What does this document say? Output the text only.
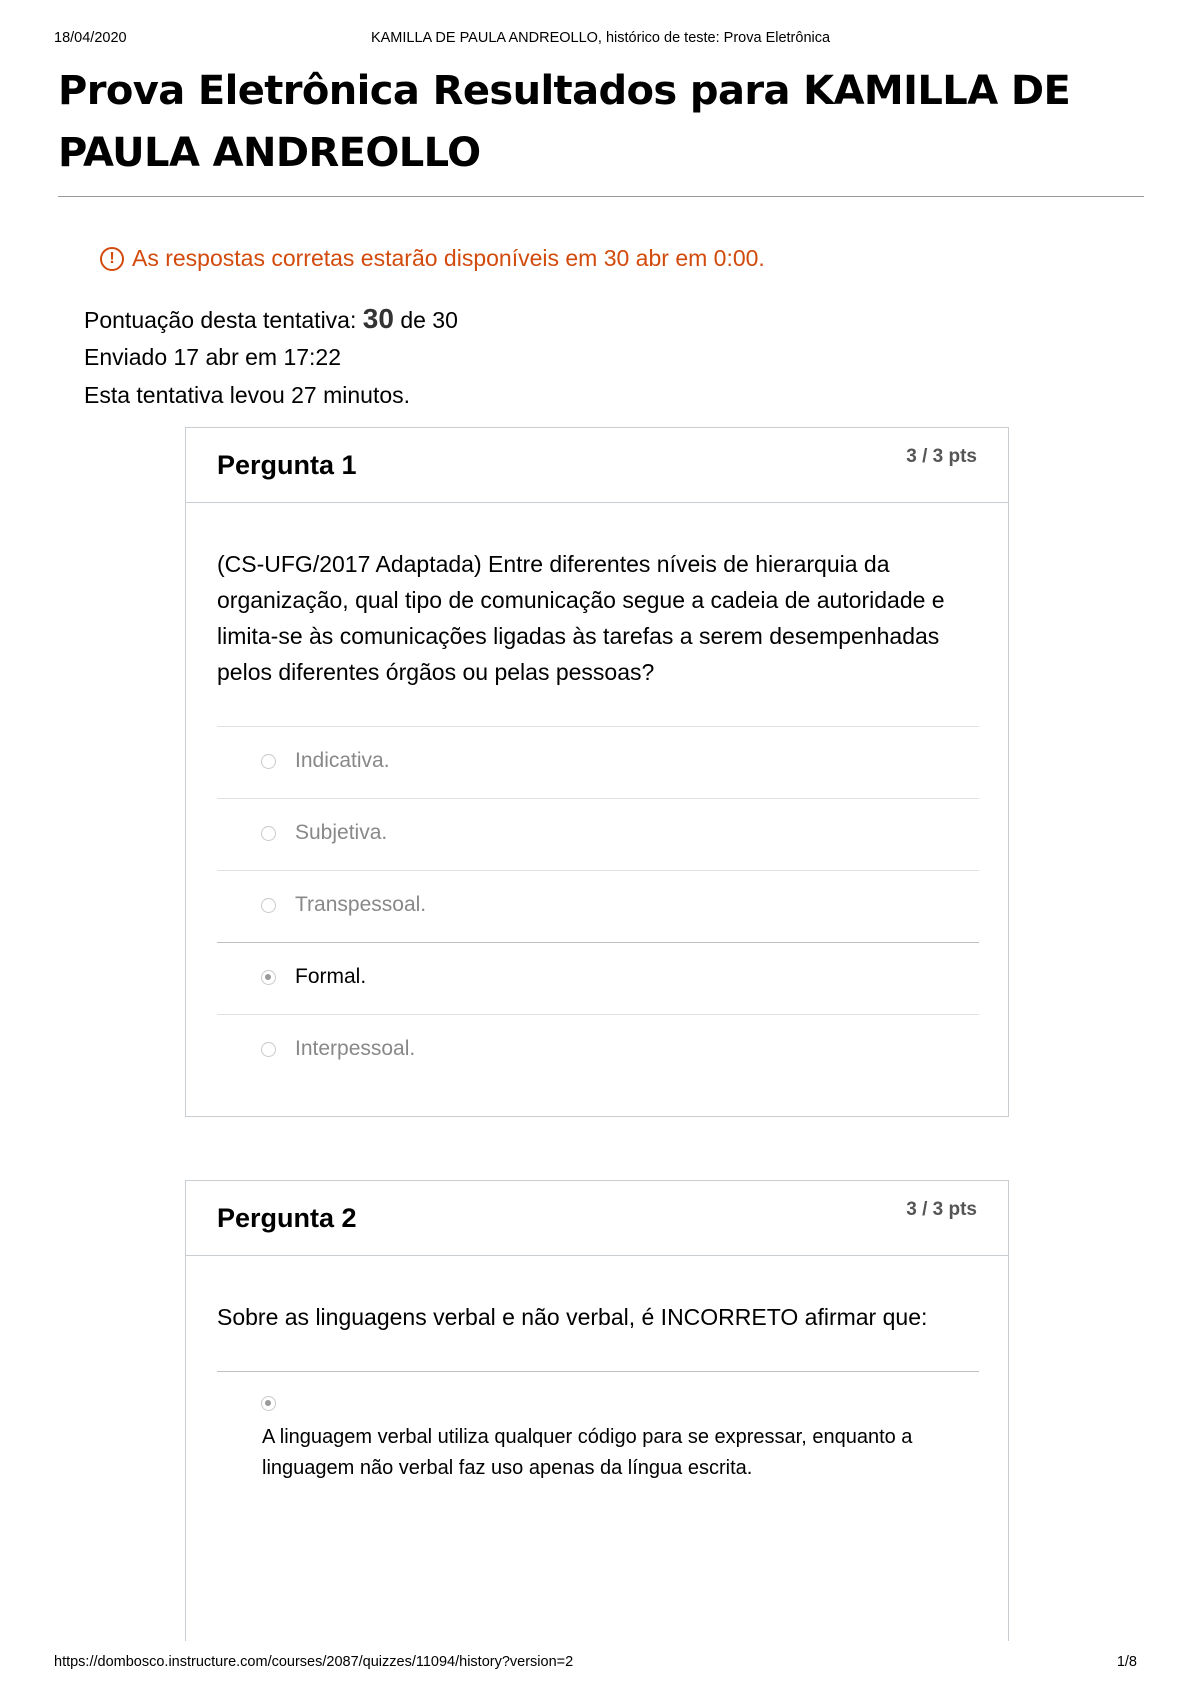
18/04/2020	KAMILLA DE PAULA ANDREOLLO, histórico de teste: Prova Eletrônica
Prova Eletrônica Resultados para KAMILLA DE PAULA ANDREOLLO
! As respostas corretas estarão disponíveis em 30 abr em 0:00.
Pontuação desta tentativa: 30 de 30
Enviado 17 abr em 17:22
Esta tentativa levou 27 minutos.
Pergunta 1	3 / 3 pts
(CS-UFG/2017 Adaptada) Entre diferentes níveis de hierarquia da organização, qual tipo de comunicação segue a cadeia de autoridade e limita-se às comunicações ligadas às tarefas a serem desempenhadas pelos diferentes órgãos ou pelas pessoas?
Indicativa.
Subjetiva.
Transpessoal.
Formal.
Interpessoal.
Pergunta 2	3 / 3 pts
Sobre as linguagens verbal e não verbal, é INCORRETO afirmar que:
A linguagem verbal utiliza qualquer código para se expressar, enquanto a linguagem não verbal faz uso apenas da língua escrita.
https://dombosco.instructure.com/courses/2087/quizzes/11094/history?version=2	1/8
